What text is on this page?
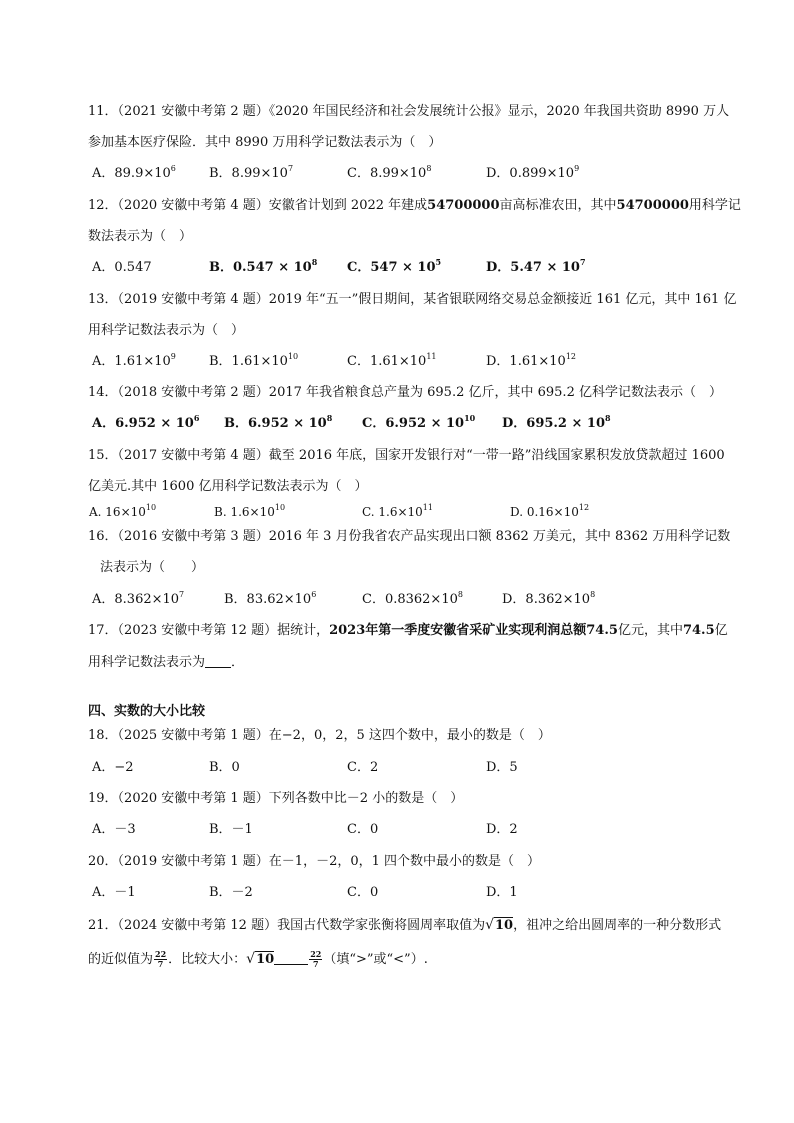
11．（2021 安徽中考第 2 题）《2020 年国民经济和社会发展统计公报》显示，2020 年我国共资助 8990 万人
参加基本医疗保险．其中 8990 万用科学记数法表示为（　）
A．$89.9\times 10^6$	B．$8.99\times 10^7$	C．$8.99\times 10^8$	D．$0.899\times 10^9$
12．（2020 安徽中考第 4 题）安徽省计划到 2022 年建成54700000亩高标准农田，其中54700000用科学记
数法表示为（　）
A．0.547	B．$0.547 \times 10^8$ C．$547 \times 10^5$	D．$5.47 \times 10^7$
13．（2019 安徽中考第 4 题）2019 年“五一”假日期间，某省银联网络交易总金额接近 161 亿元，其中 161 亿
用科学记数法表示为（　）
A．$1.61\times 10^9$	B．$1.61\times 10^{10}$	C．$1.61\times 10^{11}$	D．$1.61\times 10^{12}$
14．（2018 安徽中考第 2 题）2017 年我省粮食总产量为 695.2 亿斤，其中 695.2 亿科学记数法表示（　）
A．$6.952 \times 10^6$ B．$6.952 \times 10^8$ C．$6.952 \times 10^{10}$ D．$695.2 \times 10^8$
15．（2017 安徽中考第 4 题）截至 2016 年底，国家开发银行对“一带一路”沿线国家累积发放贷款超过 1600
亿美元.其中 1600 亿用科学记数法表示为（　）
A. $16\times 10^{10}$	B. $1.6\times 10^{10}$	C. $1.6\times 10^{11}$	D. $0.16\times 10^{12}$
16．（2016 安徽中考第 3 题）2016 年 3 月份我省农产品实现出口额 8362 万美元，其中 8362 万用科学记数
法表示为（　　）
A．$8.362\times 10^7$	B．$83.62\times 10^6$	C．$0.8362\times 10^8$	D．$8.362\times 10^8$
17．（2023 安徽中考第 12 题）据统计，2023年第一季度安徽省采矿业实现利润总额74.5亿元，其中74.5亿
用科学记数法表示为 ．
四、实数的大小比较
18．（2025 安徽中考第 1 题）在−2，0，2，5 这四个数中，最小的数是（　）
A．−2	B．0	C．2	D．5
19．（2020 安徽中考第 1 题）下列各数中比－2 小的数是（　）
A．－3	B．－1	C．0	D．2
20．（2019 安徽中考第 1 题）在－1，－2，0，1 四个数中最小的数是（　）
A．－1	B．－2	C．0	D．1
21．（2024 安徽中考第 12 题）我国古代数学家张衡将圆周率取值为√10，祖冲之给出圆周率的一种分数形式
的近似值为 $\frac{22}{7}$ ．比较大小：√10	$\frac{22}{7}$ （填“>”或“<”）.
